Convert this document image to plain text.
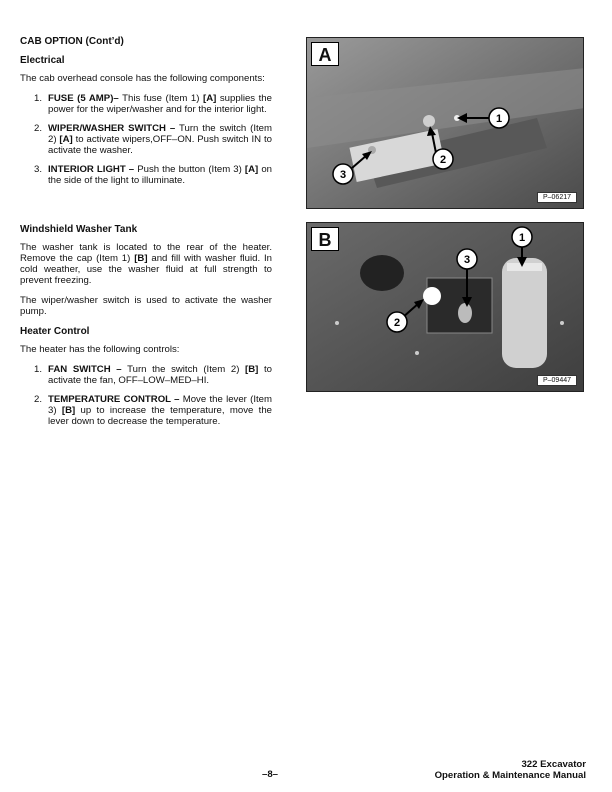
CAB OPTION (Cont’d)
Electrical

The cab overhead console has the following components:

1. FUSE (5 AMP)– This fuse (Item 1) [A] supplies the power for the wiper/washer and for the interior light.
2. WIPER/WASHER SWITCH – Turn the switch (Item 2) [A] to activate wipers,OFF–ON. Push switch IN to activate the washer.
3. INTERIOR LIGHT – Push the button (Item 3) [A] on the side of the light to illuminate.
Windshield Washer Tank

The washer tank is located to the rear of the heater. Remove the cap (Item 1) [B] and fill with washer fluid. In cold weather, use the washer fluid at full strength to prevent freezing.

The wiper/washer switch is used to activate the washer pump.

Heater Control

The heater has the following controls:

1. FAN SWITCH – Turn the switch (Item 2) [B] to activate the fan, OFF–LOW–MED–HI.
2. TEMPERATURE CONTROL – Move the lever (Item 3) [B] up to increase the temperature, move the lever down to decrease the temperature.
1
2
3
A
P–06217
1
2
3
B
P–09447
–8–
322 Excavator
Operation & Maintenance Manual
